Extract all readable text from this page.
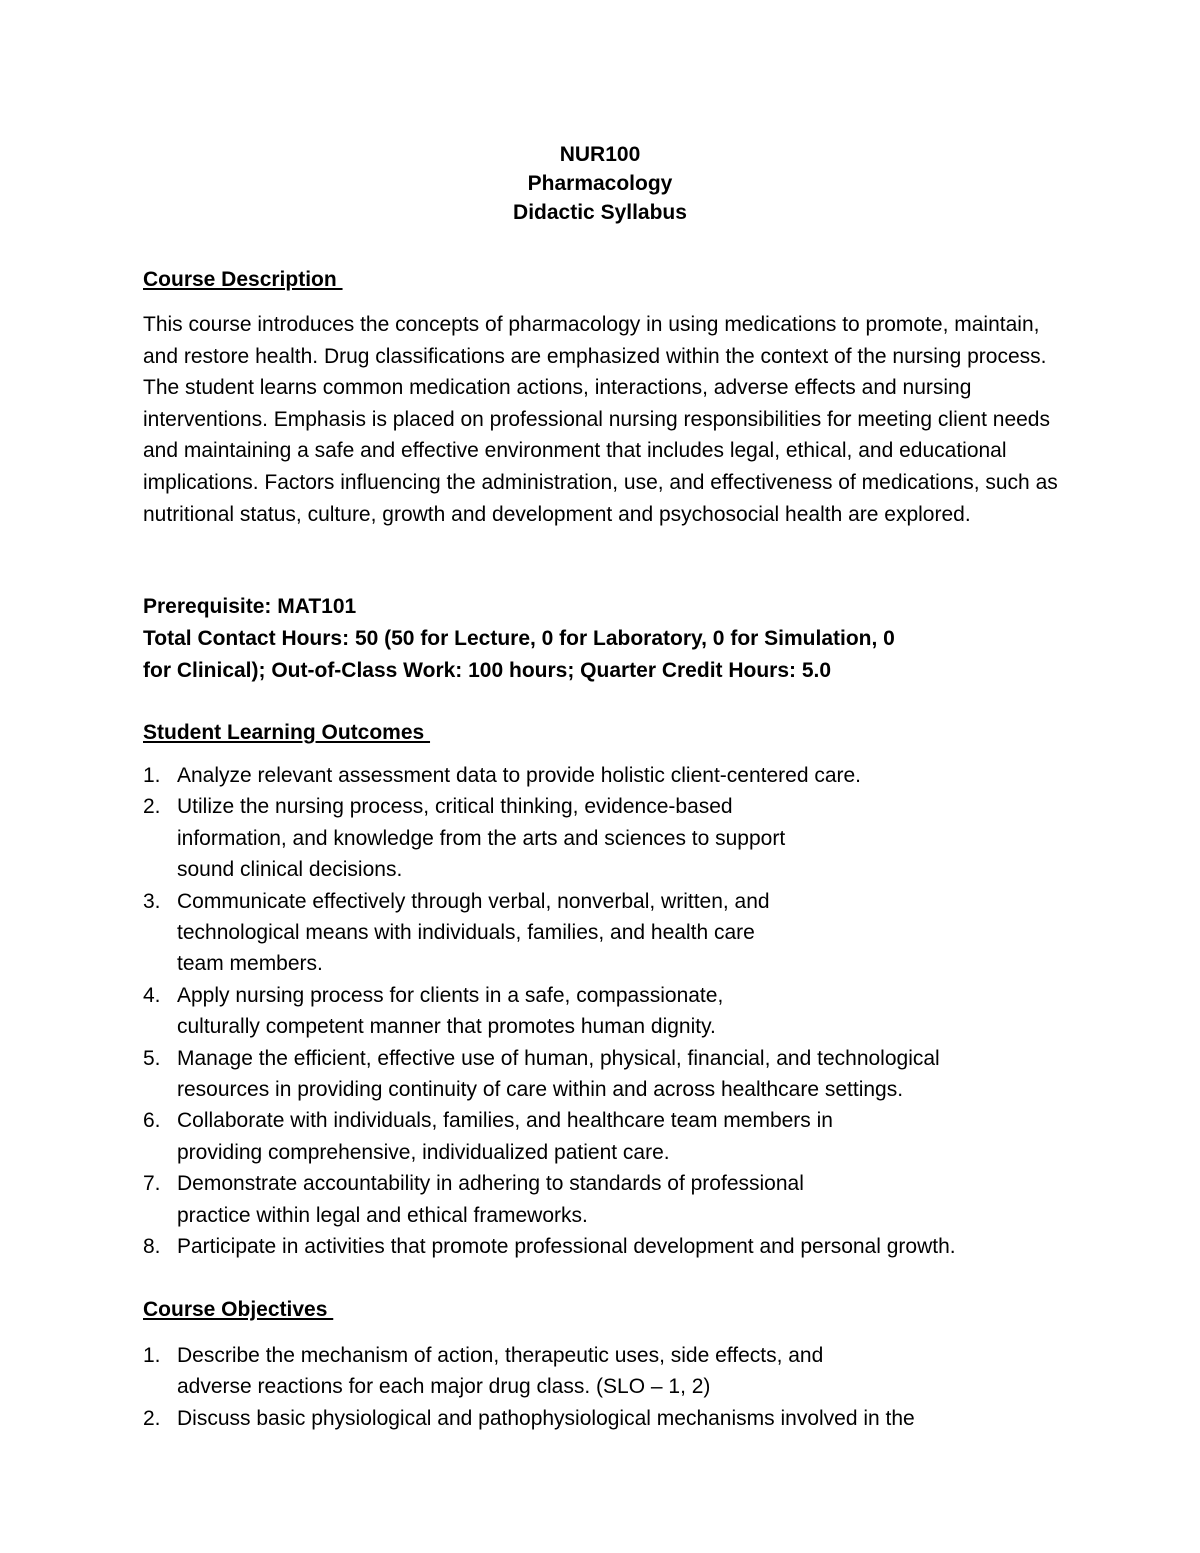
NUR100
Pharmacology
Didactic Syllabus
Course Description
This course introduces the concepts of pharmacology in using medications to promote, maintain, and restore health. Drug classifications are emphasized within the context of the nursing process. The student learns common medication actions, interactions, adverse effects and nursing interventions. Emphasis is placed on professional nursing responsibilities for meeting client needs and maintaining a safe and effective environment that includes legal, ethical, and educational implications. Factors influencing the administration, use, and effectiveness of medications, such as nutritional status, culture, growth and development and psychosocial health are explored.
Prerequisite: MAT101
Total Contact Hours: 50 (50 for Lecture, 0 for Laboratory, 0 for Simulation, 0
for Clinical); Out-of-Class Work: 100 hours; Quarter Credit Hours: 5.0
Student Learning Outcomes
1. Analyze relevant assessment data to provide holistic client-centered care.
2. Utilize the nursing process, critical thinking, evidence-based
information, and knowledge from the arts and sciences to support
sound clinical decisions.
3. Communicate effectively through verbal, nonverbal, written, and
technological means with individuals, families, and health care
team members.
4. Apply nursing process for clients in a safe, compassionate,
culturally competent manner that promotes human dignity.
5. Manage the efficient, effective use of human, physical, financial, and technological
resources in providing continuity of care within and across healthcare settings.
6. Collaborate with individuals, families, and healthcare team members in
providing comprehensive, individualized patient care.
7. Demonstrate accountability in adhering to standards of professional
practice within legal and ethical frameworks.
8. Participate in activities that promote professional development and personal growth.
Course Objectives
1. Describe the mechanism of action, therapeutic uses, side effects, and
adverse reactions for each major drug class. (SLO – 1, 2)
2. Discuss basic physiological and pathophysiological mechanisms involved in the
